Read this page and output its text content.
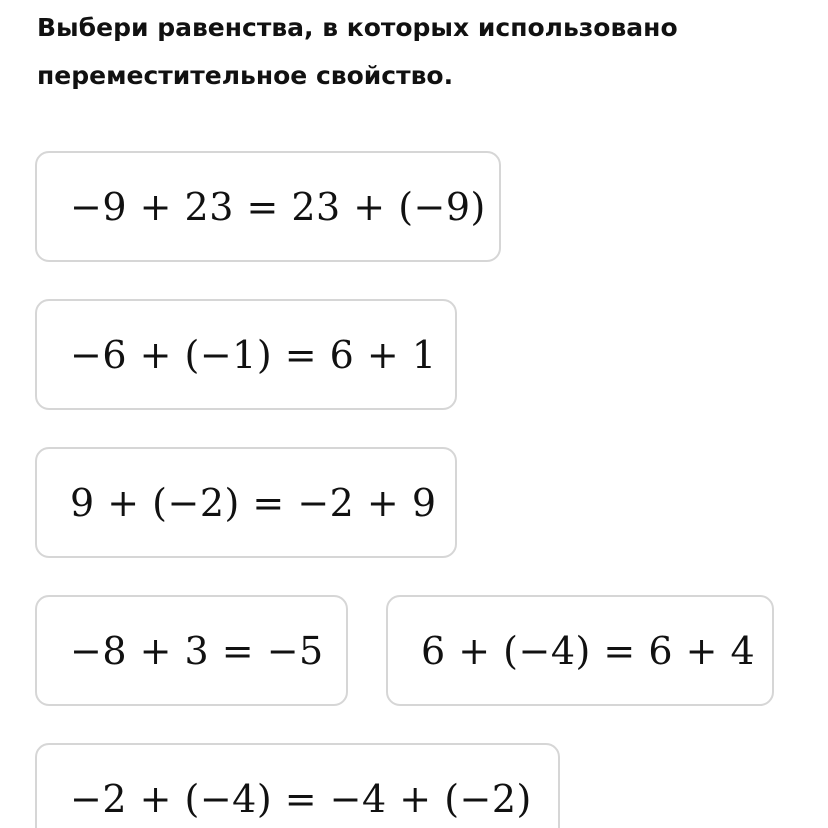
Выбери равенства, в которых использовано
переместительное свойство.
−9 + 23 = 23 + (−9)
−6 + (−1) = 6 + 1
9 + (−2) = −2 + 9
−8 + 3 = −5	6 + (−4) = 6 + 4
−2 + (−4) = −4 + (−2)
